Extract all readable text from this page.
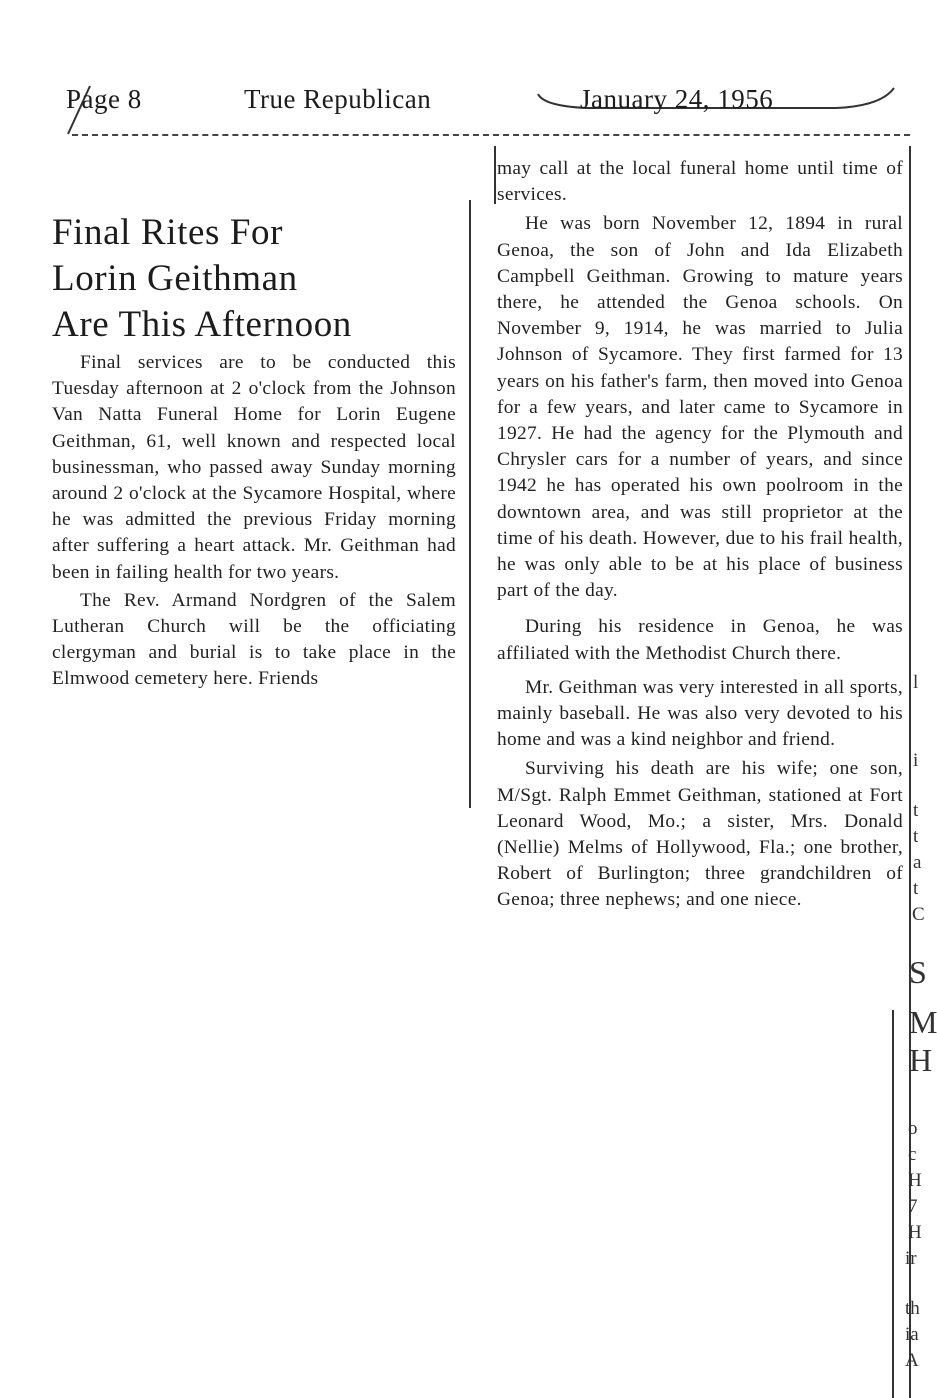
Page 8	True Republican	January 24, 1956
Final Rites For
Lorin Geithman
Are This Afternoon

Final services are to be conducted this Tuesday afternoon at 2 o'clock from the Johnson Van Natta Funeral Home for Lorin Eugene Geithman, 61, well known and respected local businessman, who passed away Sunday morning around 2 o'clock at the Sycamore Hospital, where he was admitted the previous Friday morning after suffering a heart attack. Mr. Geithman had been in failing health for two years.

The Rev. Armand Nordgren of the Salem Lutheran Church will be the officiating clergyman and burial is to take place in the Elmwood cemetery here. Friends

may call at the local funeral home until time of services.

He was born November 12, 1894 in rural Genoa, the son of John and Ida Elizabeth Campbell Geithman. Growing to mature years there, he attended the Genoa schools. On November 9, 1914, he was married to Julia Johnson of Sycamore. They first farmed for 13 years on his father's farm, then moved into Genoa for a few years, and later came to Sycamore in 1927. He had the agency for the Plymouth and Chrysler cars for a number of years, and since 1942 he has operated his own poolroom in the downtown area, and was still proprietor at the time of his death. However, due to his frail health, he was only able to be at his place of business part of the day.

During his residence in Genoa, he was affiliated with the Methodist Church there.

Mr. Geithman was very interested in all sports, mainly baseball. He was also very devoted to his home and was a kind neighbor and friend.

Surviving his death are his wife; one son, M/Sgt. Ralph Emmet Geithman, stationed at Fort Leonard Wood, Mo.; a sister, Mrs. Donald (Nellie) Melms of Hollywood, Fla.; one brother, Robert of Burlington; three grandchildren of Genoa; three nephews; and one niece.

l
i
t
t
a
t
C
S
M
H
o
c
H
7
H
ir
th
ia
A
